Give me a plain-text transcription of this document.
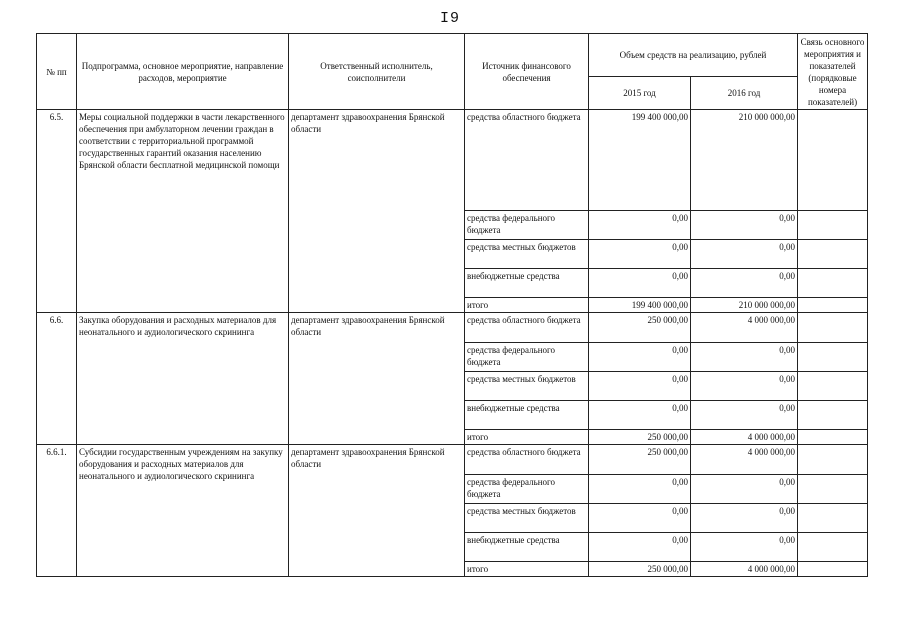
I9
№ пп	Подпрограмма, основное мероприятие, направление расходов, мероприятие	Ответственный исполнитель, соисполнители	Источник финансового обеспечения	Объем средств на реализацию, рублей		Связь основного мероприятия и показателей (порядковые номера показателей)
				2015 год	2016 год	
6.5.	Меры социальной поддержки в части лекарственного обеспечения при амбулаторном лечении граждан в соответствии с территориальной программой государственных гарантий оказания населению Брянской области бесплатной медицинской помощи	департамент здравоохранения Брянской области	средства областного бюджета	199 400 000,00	210 000 000,00	
			средства федерального бюджета	0,00	0,00	
			средства местных бюджетов	0,00	0,00	
			внебюджетные средства	0,00	0,00	
			итого	199 400 000,00	210 000 000,00	
6.6.	Закупка оборудования и расходных материалов для неонатального и аудиологического скрининга	департамент здравоохранения Брянской области	средства областного бюджета	250 000,00	4 000 000,00	
			средства федерального бюджета	0,00	0,00	
			средства местных бюджетов	0,00	0,00	
			внебюджетные средства	0,00	0,00	
			итого	250 000,00	4 000 000,00	
6.6.1.	Субсидии государственным учреждениям на закупку оборудования и расходных материалов для неонатального и аудиологического скрининга	департамент здравоохранения Брянской области	средства областного бюджета	250 000,00	4 000 000,00	
			средства федерального бюджета	0,00	0,00	
			средства местных бюджетов	0,00	0,00	
			внебюджетные средства	0,00	0,00	
			итого	250 000,00	4 000 000,00	
